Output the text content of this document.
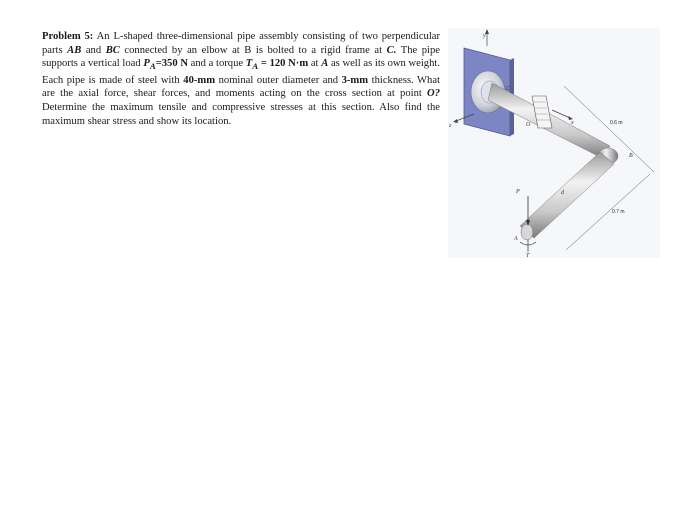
Problem 5: An L-shaped three-dimensional pipe assembly consisting of two perpendicular parts AB and BC connected by an elbow at B is bolted to a rigid frame at C. The pipe supports a vertical load $P_A=350$ N and a torque $T_A = 120$ N·m at A as well as its own weight. Each pipe is made of steel with 40-mm nominal outer diameter and 3-mm thickness. What are the axial force, shear forces, and moments acting on the cross section at point O? Determine the maximum tensile and compressive stresses at this section. Also find the maximum shear stress and show its location.
y
C
z	O	x
B
P	d
A
T
0.6 m
0.7 m
